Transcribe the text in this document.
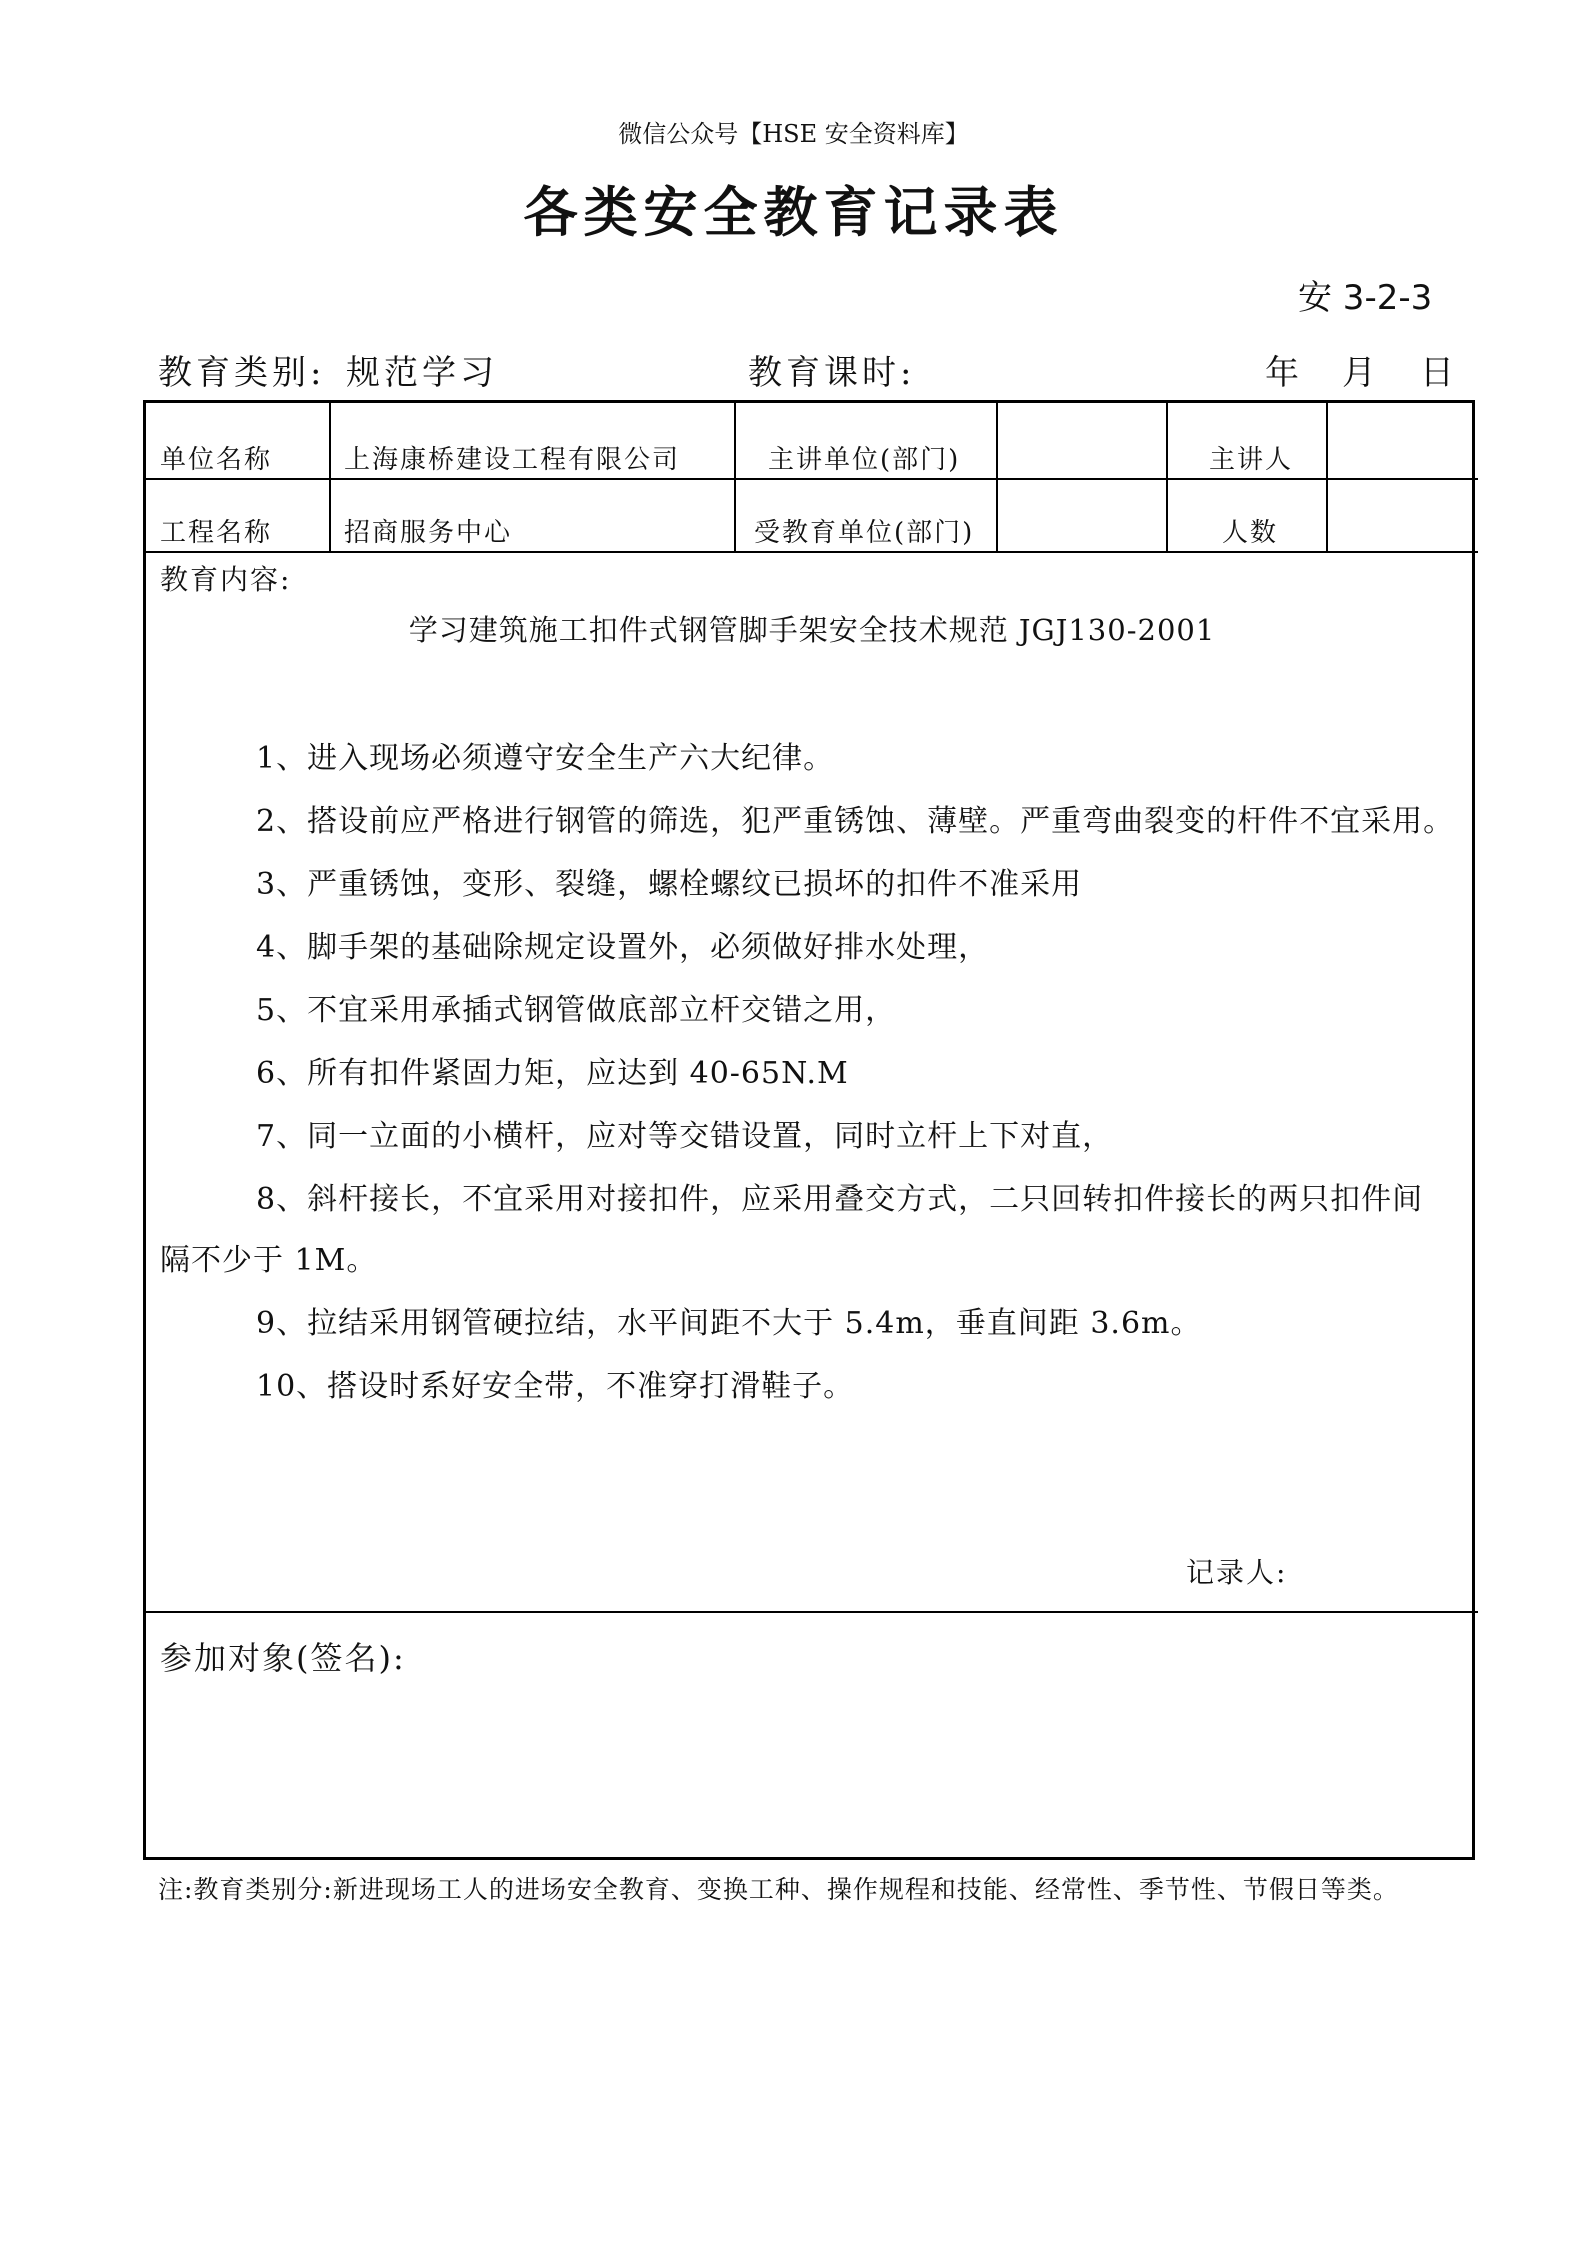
微信公众号【HSE 安全资料库】
各类安全教育记录表
安 3-2-3
教育类别: 规范学习	教育课时:	年 月 日
单位名称	上海康桥建设工程有限公司	主讲单位(部门)	主讲人
工程名称	招商服务中心	受教育单位(部门)	人数
教育内容:
学习建筑施工扣件式钢管脚手架安全技术规范 JGJ130-2001
1、进入现场必须遵守安全生产六大纪律。
2、搭设前应严格进行钢管的筛选，犯严重锈蚀、薄壁。严重弯曲裂变的杆件不宜采用。
3、严重锈蚀，变形、裂缝，螺栓螺纹已损坏的扣件不准采用
4、脚手架的基础除规定设置外，必须做好排水处理，
5、不宜采用承插式钢管做底部立杆交错之用，
6、所有扣件紧固力矩，应达到 40-65N.M
7、同一立面的小横杆，应对等交错设置，同时立杆上下对直，
8、斜杆接长，不宜采用对接扣件，应采用叠交方式，二只回转扣件接长的两只扣件间
隔不少于 1M。
9、拉结采用钢管硬拉结，水平间距不大于 5.4m，垂直间距 3.6m。
10、搭设时系好安全带，不准穿打滑鞋子。
记录人:
参加对象(签名):
注:教育类别分:新进现场工人的进场安全教育、变换工种、操作规程和技能、经常性、季节性、节假日等类。
